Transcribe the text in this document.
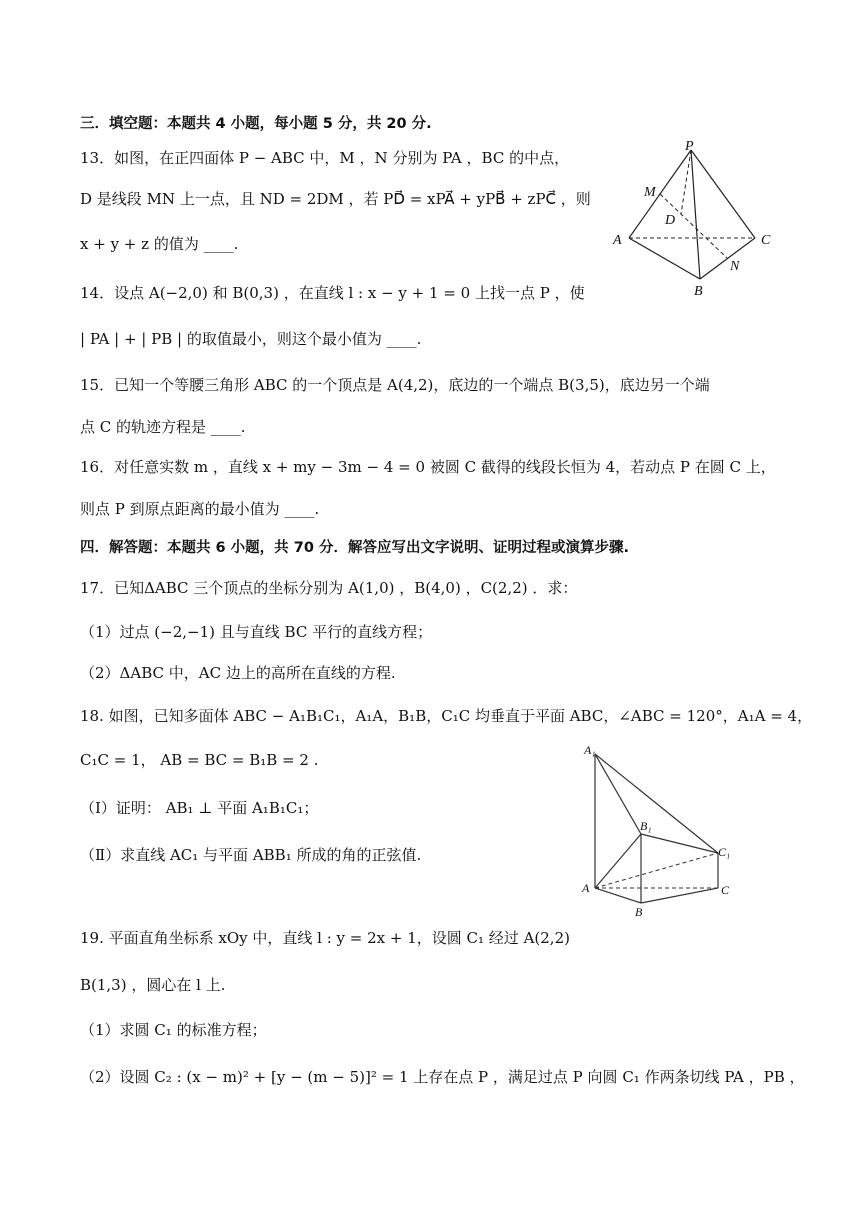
三．填空题：本题共 4 小题，每小题 5 分，共 20 分.
13．如图，在正四面体 P − ABC 中，M ，N 分别为 PA ，BC 的中点，
D 是线段 MN 上一点，且 ND = 2DM ，若 PD⃗ = xPA⃗ + yPB⃗ + zPC⃗ ，则
x + y + z 的值为 ____.
14．设点 A(−2,0) 和 B(0,3) ，在直线 l : x − y + 1 = 0 上找一点 P ，使
| PA | + | PB | 的取值最小，则这个最小值为 ____.
15．已知一个等腰三角形 ABC 的一个顶点是 A(4,2)，底边的一个端点 B(3,5)，底边另一个端
点 C 的轨迹方程是 ____.
16．对任意实数 m ，直线 x + my − 3m − 4 = 0 被圆 C 截得的线段长恒为 4，若动点 P 在圆 C 上，
则点 P 到原点距离的最小值为 ____.
四．解答题：本题共 6 小题，共 70 分．解答应写出文字说明、证明过程或演算步骤.
17．已知ΔABC 三个顶点的坐标分别为 A(1,0) ，B(4,0) ，C(2,2) ．求：
（1）过点 (−2,−1) 且与直线 BC 平行的直线方程；
（2）ΔABC 中，AC 边上的高所在直线的方程.
18. 如图，已知多面体 ABC − A₁B₁C₁，A₁A，B₁B，C₁C 均垂直于平面 ABC，∠ABC = 120°，A₁A = 4，
C₁C = 1， AB = BC = B₁B = 2 .
（Ⅰ）证明： AB₁ ⊥ 平面 A₁B₁C₁；
（Ⅱ）求直线 AC₁ 与平面 ABB₁ 所成的角的正弦值.
19. 平面直角坐标系 xOy 中，直线 l : y = 2x + 1，设圆 C₁ 经过 A(2,2)
B(1,3) ，圆心在 l 上.
（1）求圆 C₁ 的标准方程；
（2）设圆 C₂ : (x − m)² + [y − (m − 5)]² = 1 上存在点 P ，满足过点 P 向圆 C₁ 作两条切线 PA ，PB ，
P
M
D
A	C
N
B
A₁
B₁
C₁
A	C
B
